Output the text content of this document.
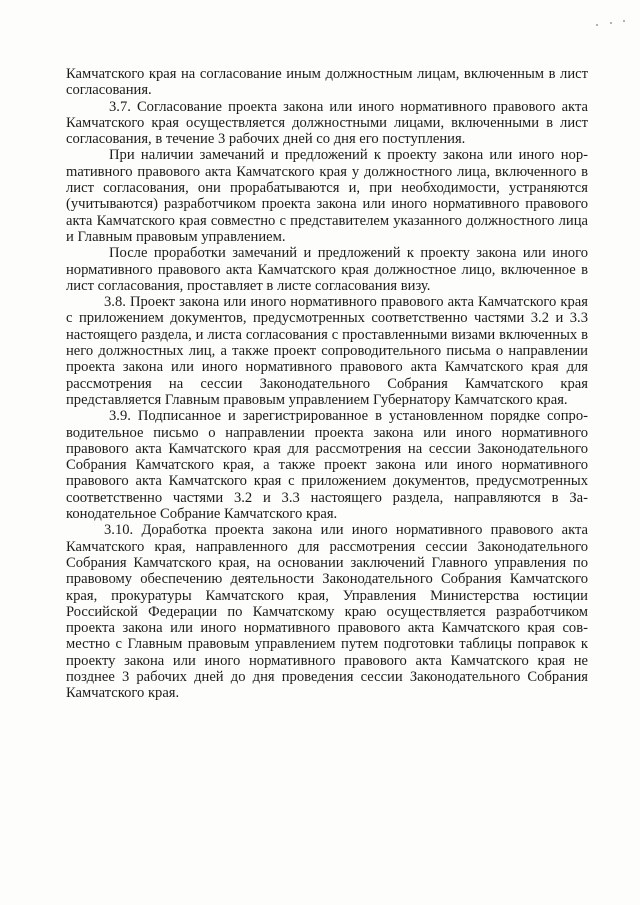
Камчатского края на согласование иным должностным лицам, включенным в лист согласования.

3.7. Согласование проекта закона или иного нормативного правового акта Камчатского края осуществляется должностными лицами, включенными в лист согласования, в течение 3 рабочих дней со дня его поступления.

При наличии замечаний и предложений к проекту закона или иного норmативного правового акта Камчатского края у должностного лица, включенного в лист согласования, они прорабатываются и, при необходимости, устраняются (учитываются) разработчиком проекта закона или иного нормативного правового акта Камчатского края совместно с представителем указанного должностного лица и Главным правовым управлением.

После проработки замечаний и предложений к проекту закона или иного нормативного правового акта Камчатского края должностное лицо, включенное в лист согласования, проставляет в листе согласования визу.

3.8. Проект закона или иного нормативного правового акта Камчатского края с приложением документов, предусмотренных соответственно частями 3.2 и 3.3 настоящего раздела, и листа согласования с проставленными визами включенных в него должностных лиц, а также проект сопроводительного письма о направлении проекта закона или иного нормативного правового акта Камчатского края для рассмотрения на сессии Законодательного Собрания Камчатского края представляется Главным правовым управлением Губернатору Камчатского края.

3.9. Подписанное и зарегистрированное в установленном порядке сопроводительное письмо о направлении проекта закона или иного нормативного правового акта Камчатского края для рассмотрения на сессии Законодательного Собрания Камчатского края, а также проект закона или иного нормативного правового акта Камчатского края с приложением документов, предусмотренных соответственно частями 3.2 и 3.3 настоящего раздела, направляются в Законодательное Собрание Камчатского края.

3.10. Доработка проекта закона или иного нормативного правового акта Камчатского края, направленного для рассмотрения сессии Законодательного Собрания Камчатского края, на основании заключений Главного управления по правовому обеспечению деятельности Законодательного Собрания Камчатского края, прокуратуры Камчатского края, Управления Министерства юстиции Российской Федерации по Камчатскому краю осуществляется разработчиком проекта закона или иного нормативного правового акта Камчатского края совместно с Главным правовым управлением путем подготовки таблицы поправок к проекту закона или иного нормативного правового акта Камчатского края не позднее 3 рабочих дней до дня проведения сессии Законодательного Собрания Камчатского края.
